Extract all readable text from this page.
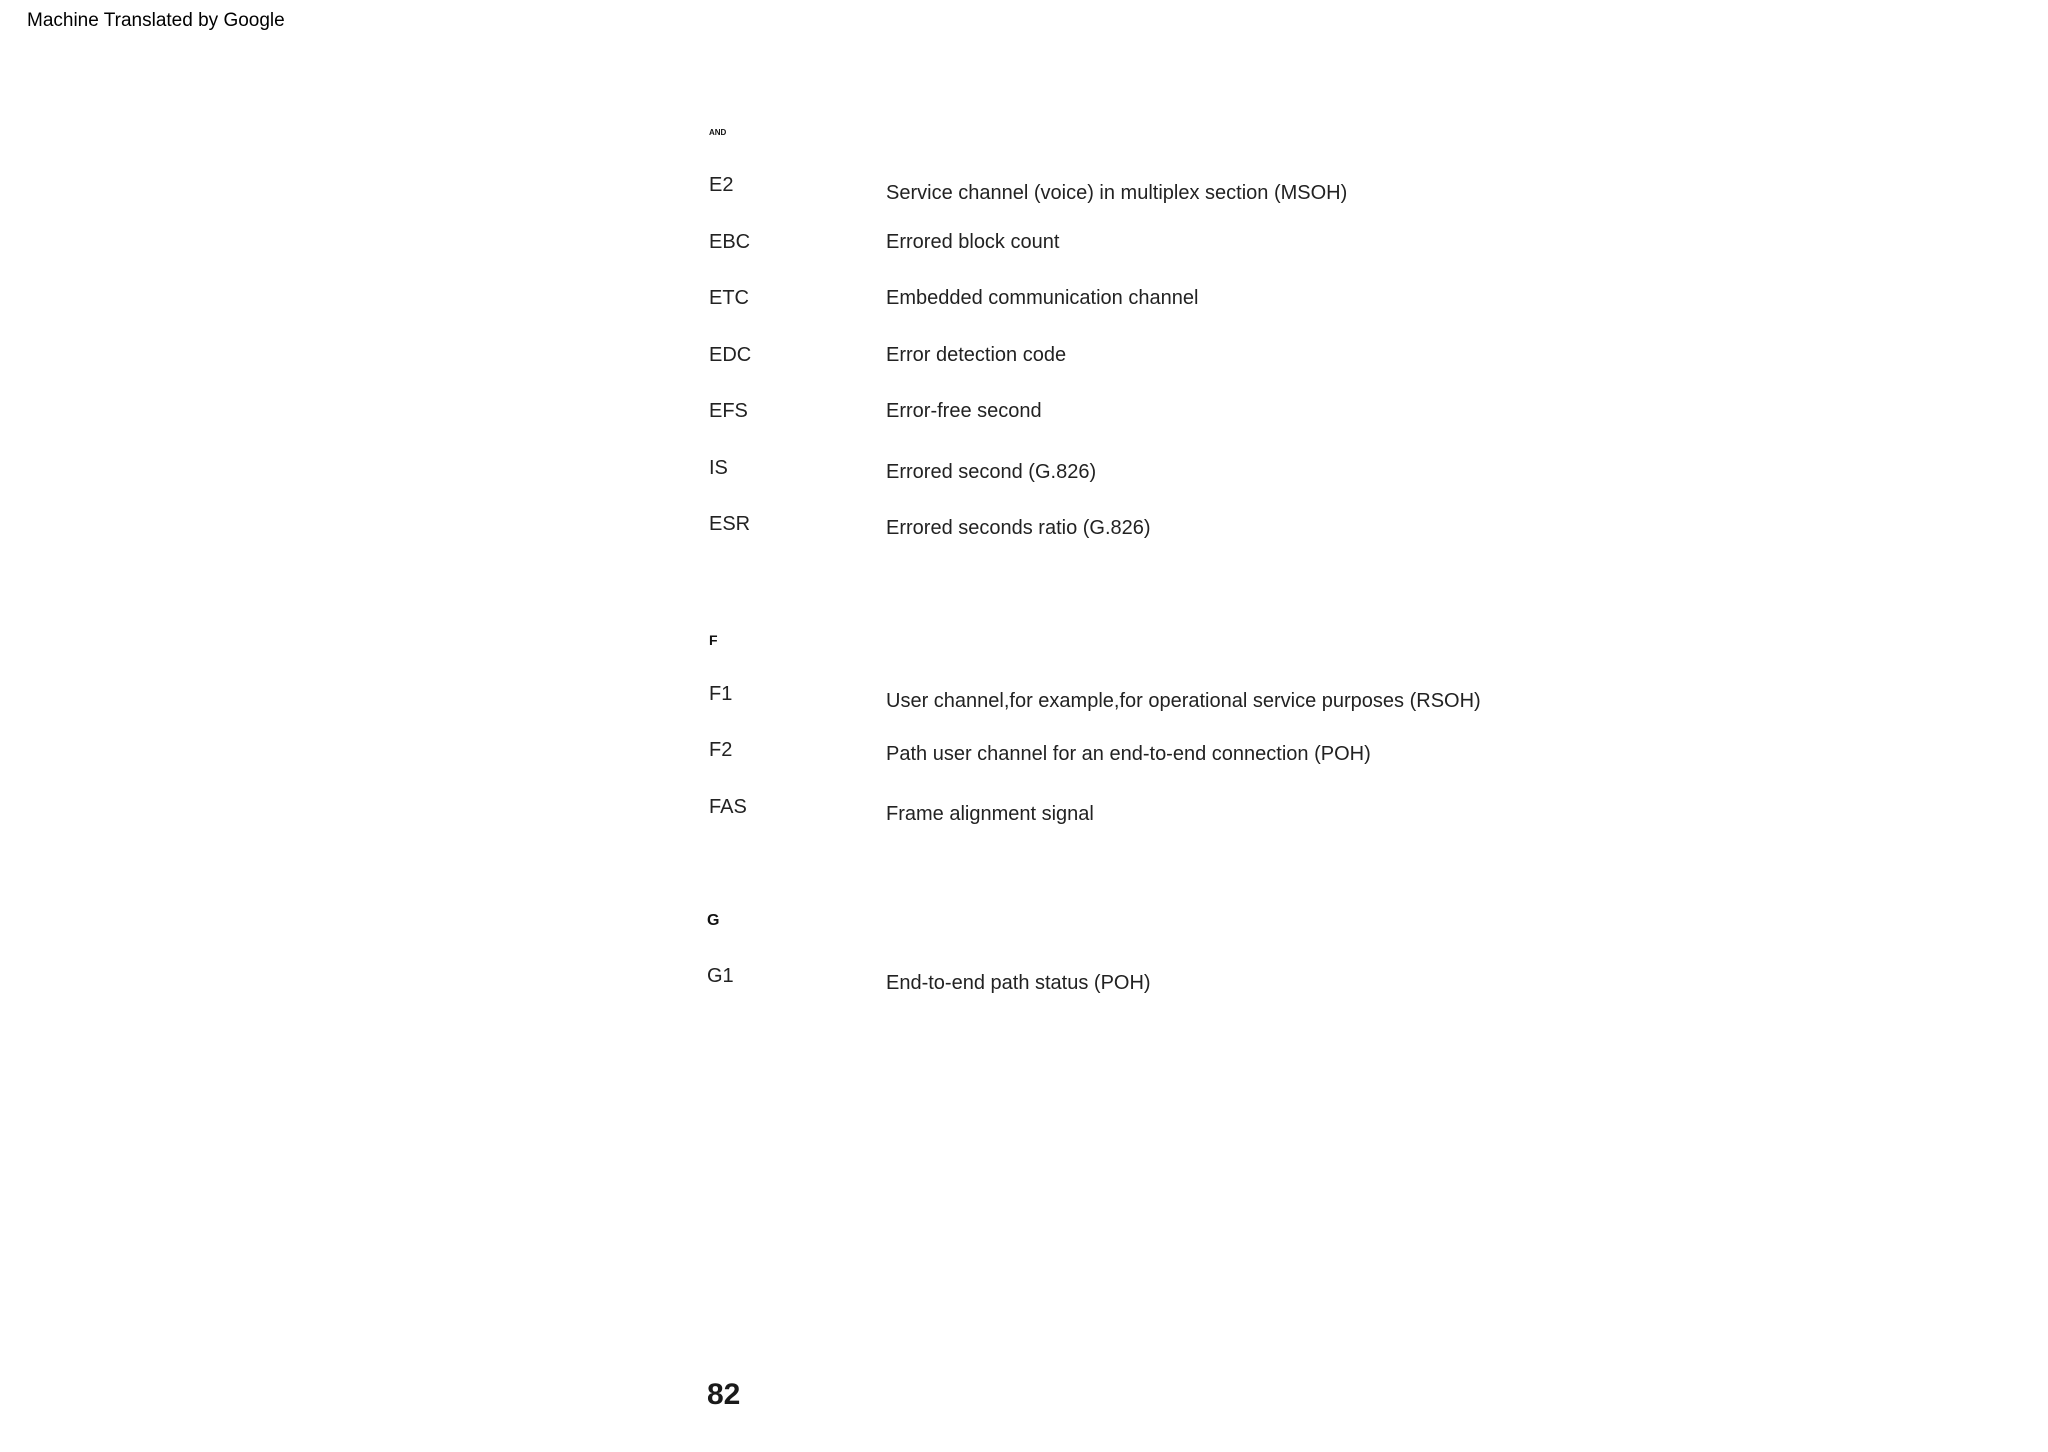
Machine Translated by Google
AND
E2	Service channel (voice) in multiplex section (MSOH)
EBC	Errored block count
ETC	Embedded communication channel
EDC	Error detection code
EFS	Error-free second
IS	Errored second (G.826)
ESR	Errored seconds ratio (G.826)
F
F1	User channel,for example,for operational service purposes (RSOH)
F2	Path user channel for an end-to-end connection (POH)
FAS	Frame alignment signal
G
G1	End-to-end path status (POH)
82
